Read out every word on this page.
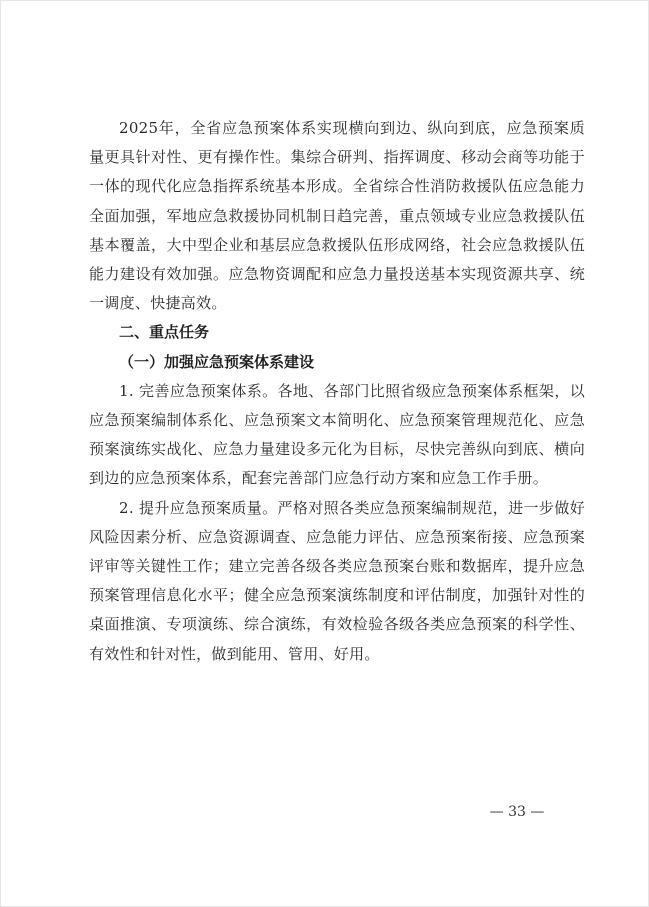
2025年，全省应急预案体系实现横向到边、纵向到底，应急预案质量更具针对性、更有操作性。集综合研判、指挥调度、移动会商等功能于一体的现代化应急指挥系统基本形成。全省综合性消防救援队伍应急能力全面加强，军地应急救援协同机制日趋完善，重点领域专业应急救援队伍基本覆盖，大中型企业和基层应急救援队伍形成网络，社会应急救援队伍能力建设有效加强。应急物资调配和应急力量投送基本实现资源共享、统一调度、快捷高效。

二、重点任务

（一）加强应急预案体系建设

1. 完善应急预案体系。各地、各部门比照省级应急预案体系框架，以应急预案编制体系化、应急预案文本简明化、应急预案管理规范化、应急预案演练实战化、应急力量建设多元化为目标，尽快完善纵向到底、横向到边的应急预案体系，配套完善部门应急行动方案和应急工作手册。

2. 提升应急预案质量。严格对照各类应急预案编制规范，进一步做好风险因素分析、应急资源调查、应急能力评估、应急预案衔接、应急预案评审等关键性工作；建立完善各级各类应急预案台账和数据库，提升应急预案管理信息化水平；健全应急预案演练制度和评估制度，加强针对性的桌面推演、专项演练、综合演练，有效检验各级各类应急预案的科学性、有效性和针对性，做到能用、管用、好用。

— 33 —
